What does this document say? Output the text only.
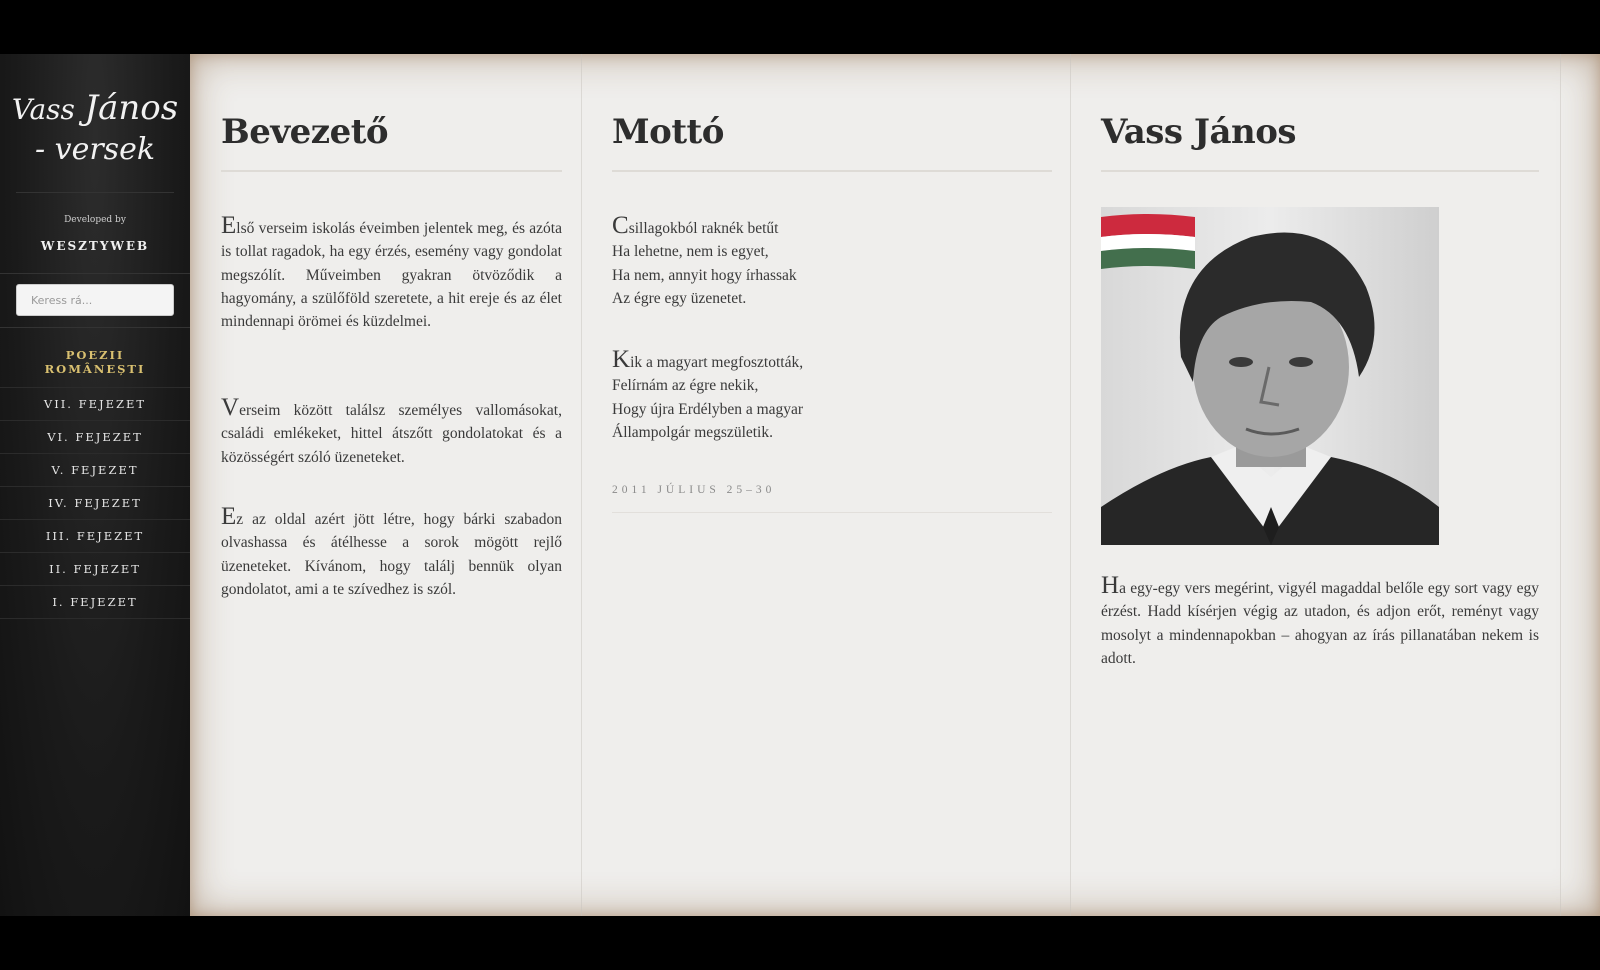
Vass János
- versek
Developed by
WESZTYWEB
Keress rá...
POEZII
ROMÂNEȘTI
VII. FEJEZET
VI. FEJEZET
V. FEJEZET
IV. FEJEZET
III. FEJEZET
II. FEJEZET
I. FEJEZET
Bevezető

Első verseim iskolás éveimben jelentek meg, és azóta is tollat ragadok, ha egy érzés, esemény vagy gondolat megszólít. Műveimben gyakran ötvöződik a hagyomány, a szülőföld szeretete, a hit ereje és az élet mindennapi örömei és küzdelmei.

Verseim között találsz személyes vallomásokat, családi emlékeket, hittel átszőtt gondolatokat és a közösségért szóló üzeneteket.

Ez az oldal azért jött létre, hogy bárki szabadon olvashassa és átélhesse a sorok mögött rejlő üzeneteket. Kívánom, hogy találj bennük olyan gondolatot, ami a te szívedhez is szól.

Mottó

Csillagokból raknék betűt
Ha lehetne, nem is egyet,
Ha nem, annyit hogy írhassak
Az égre egy üzenetet.

Kik a magyart megfosztották,
Felírnám az égre nekik,
Hogy újra Erdélyben a magyar
Állampolgár megszületik.

2011 JÚLIUS 25–30
Vass János

Ha egy-egy vers megérint, vigyél magaddal belőle egy sort vagy egy érzést. Hadd kísérjen végig az utadon, és adjon erőt, reményt vagy mosolyt a mindennapokban – ahogyan az írás pillanatában nekem is adott.
